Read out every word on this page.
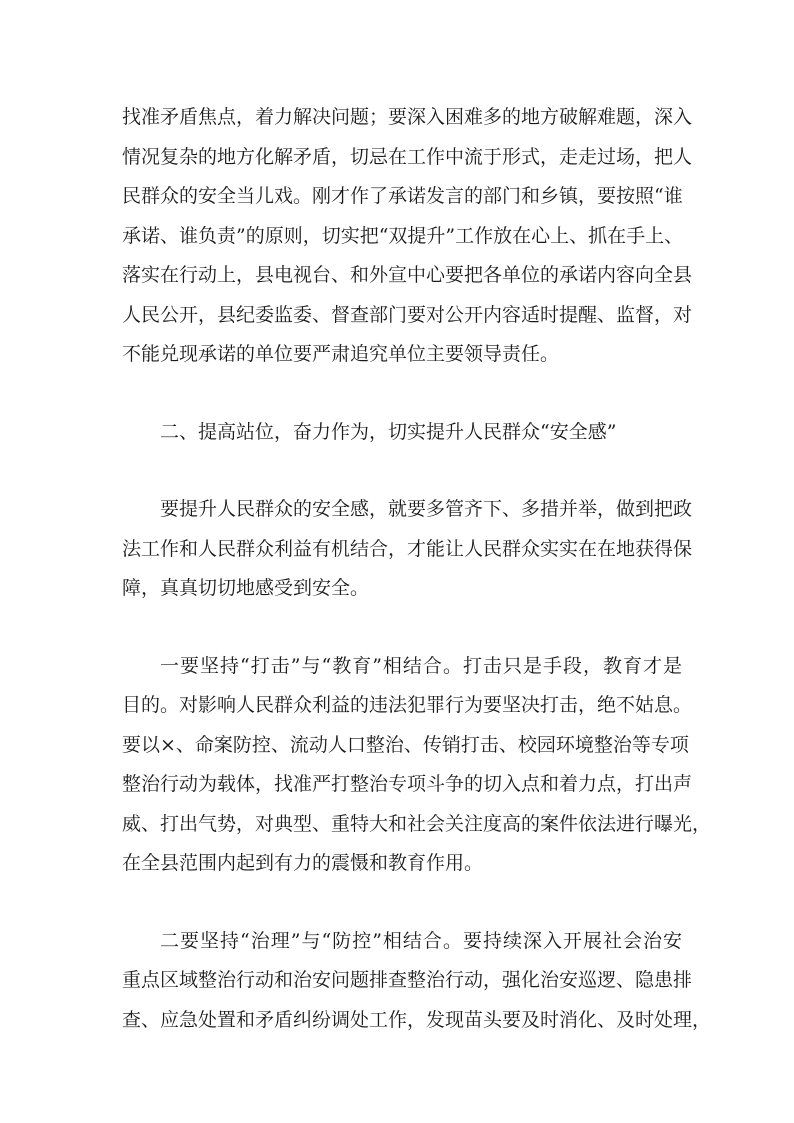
找准矛盾焦点，着力解决问题；要深入困难多的地方破解难题，深入
情况复杂的地方化解矛盾，切忌在工作中流于形式，走走过场，把人
民群众的安全当儿戏。刚才作了承诺发言的部门和乡镇，要按照“谁
承诺、谁负责”的原则，切实把“双提升”工作放在心上、抓在手上、
落实在行动上，县电视台、和外宣中心要把各单位的承诺内容向全县
人民公开，县纪委监委、督查部门要对公开内容适时提醒、监督，对
不能兑现承诺的单位要严肃追究单位主要领导责任。
二、提高站位，奋力作为，切实提升人民群众“安全感”
要提升人民群众的安全感，就要多管齐下、多措并举，做到把政
法工作和人民群众利益有机结合，才能让人民群众实实在在地获得保
障，真真切切地感受到安全。
一要坚持“打击”与“教育”相结合。打击只是手段，教育才是
目的。对影响人民群众利益的违法犯罪行为要坚决打击，绝不姑息。
要以×、命案防控、流动人口整治、传销打击、校园环境整治等专项
整治行动为载体，找准严打整治专项斗争的切入点和着力点，打出声
威、打出气势，对典型、重特大和社会关注度高的案件依法进行曝光，
在全县范围内起到有力的震慑和教育作用。
二要坚持“治理”与“防控”相结合。要持续深入开展社会治安
重点区域整治行动和治安问题排查整治行动，强化治安巡逻、隐患排
查、应急处置和矛盾纠纷调处工作，发现苗头要及时消化、及时处理，
